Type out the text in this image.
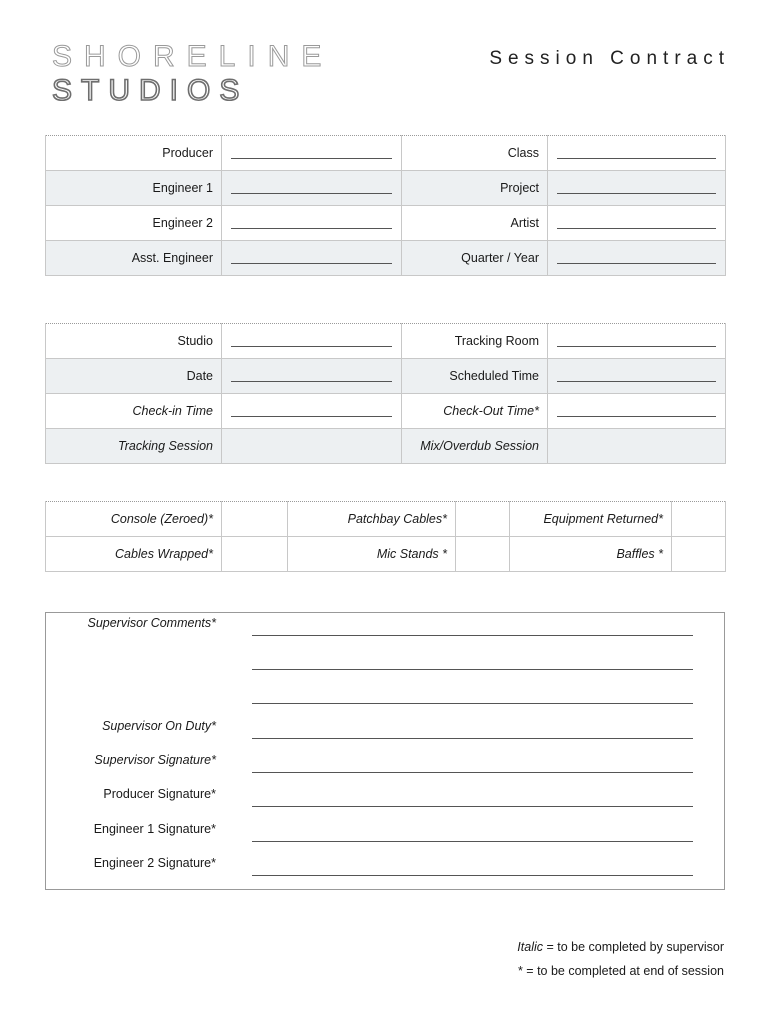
SHORELINE
STUDIOS
Session Contract
Producer		Class	

Engineer 1		Project	

Engineer 2		Artist	

Asst. Engineer		Quarter / Year	
Studio		Tracking Room	

Date		Scheduled Time	

Check-in Time		Check-Out Time*	

Tracking Session		Mix/Overdub Session	
Console (Zeroed)*		Patchbay Cables*		Equipment Returned*	
Cables Wrapped*		Mic Stands *		Baffles *	
Supervisor Comments*
Supervisor On Duty*
Supervisor Signature*
Producer Signature*
Engineer 1 Signature*
Engineer 2 Signature*
Italic = to be completed by supervisor
* = to be completed at end of session
